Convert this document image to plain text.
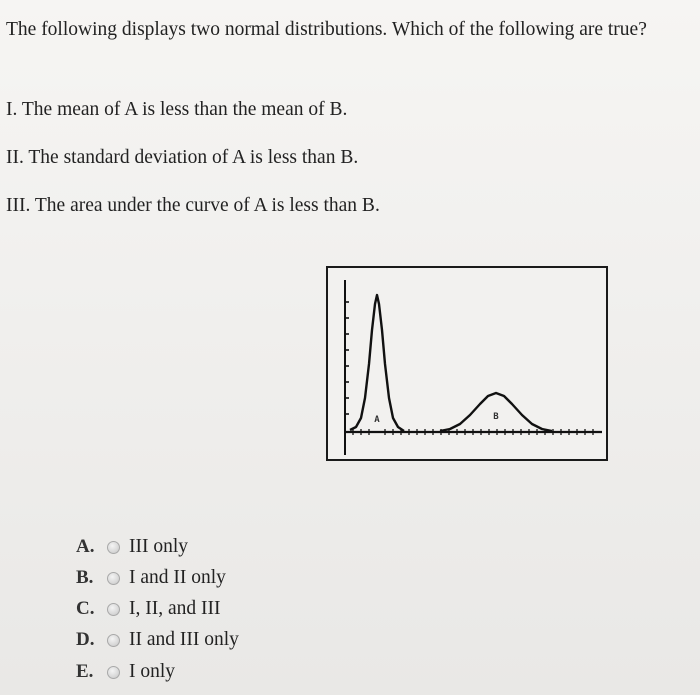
The following displays two normal distributions. Which of the following are true?
I. The mean of A is less than the mean of B.
II. The standard deviation of A is less than B.
III. The area under the curve of A is less than B.
A	B
A.	III only
B.	I and II only
C.	I, II, and III
D.	II and III only
E.	I only
